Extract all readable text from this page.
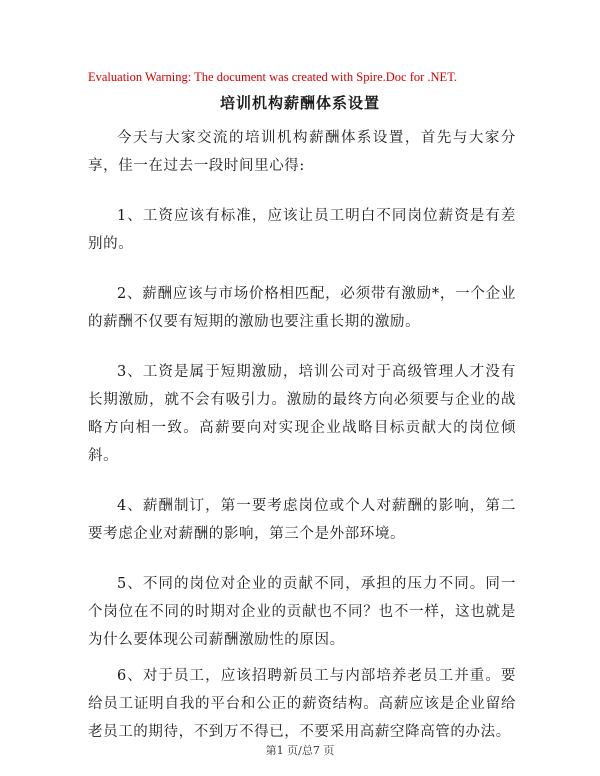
Evaluation Warning: The document was created with Spire.Doc for .NET.
培训机构薪酬体系设置

今天与大家交流的培训机构薪酬体系设置，首先与大家分享，佳一在过去一段时间里心得:

1、工资应该有标准，应该让员工明白不同岗位薪资是有差别的。

2、薪酬应该与市场价格相匹配，必须带有激励*，一个企业的薪酬不仅要有短期的激励也要注重长期的激励。

3、工资是属于短期激励，培训公司对于高级管理人才没有长期激励，就不会有吸引力。激励的最终方向必须要与企业的战略方向相一致。高薪要向对实现企业战略目标贡献大的岗位倾斜。

4、薪酬制订，第一要考虑岗位或个人对薪酬的影响，第二要考虑企业对薪酬的影响，第三个是外部环境。

5、不同的岗位对企业的贡献不同，承担的压力不同。同一个岗位在不同的时期对企业的贡献也不同？也不一样，这也就是为什么要体现公司薪酬激励性的原因。

6、对于员工，应该招聘新员工与内部培养老员工并重。要给员工证明自我的平台和公正的薪资结构。高薪应该是企业留给老员工的期待，不到万不得已，不要采用高薪空降高管的办法。

第1 页/总7 页
